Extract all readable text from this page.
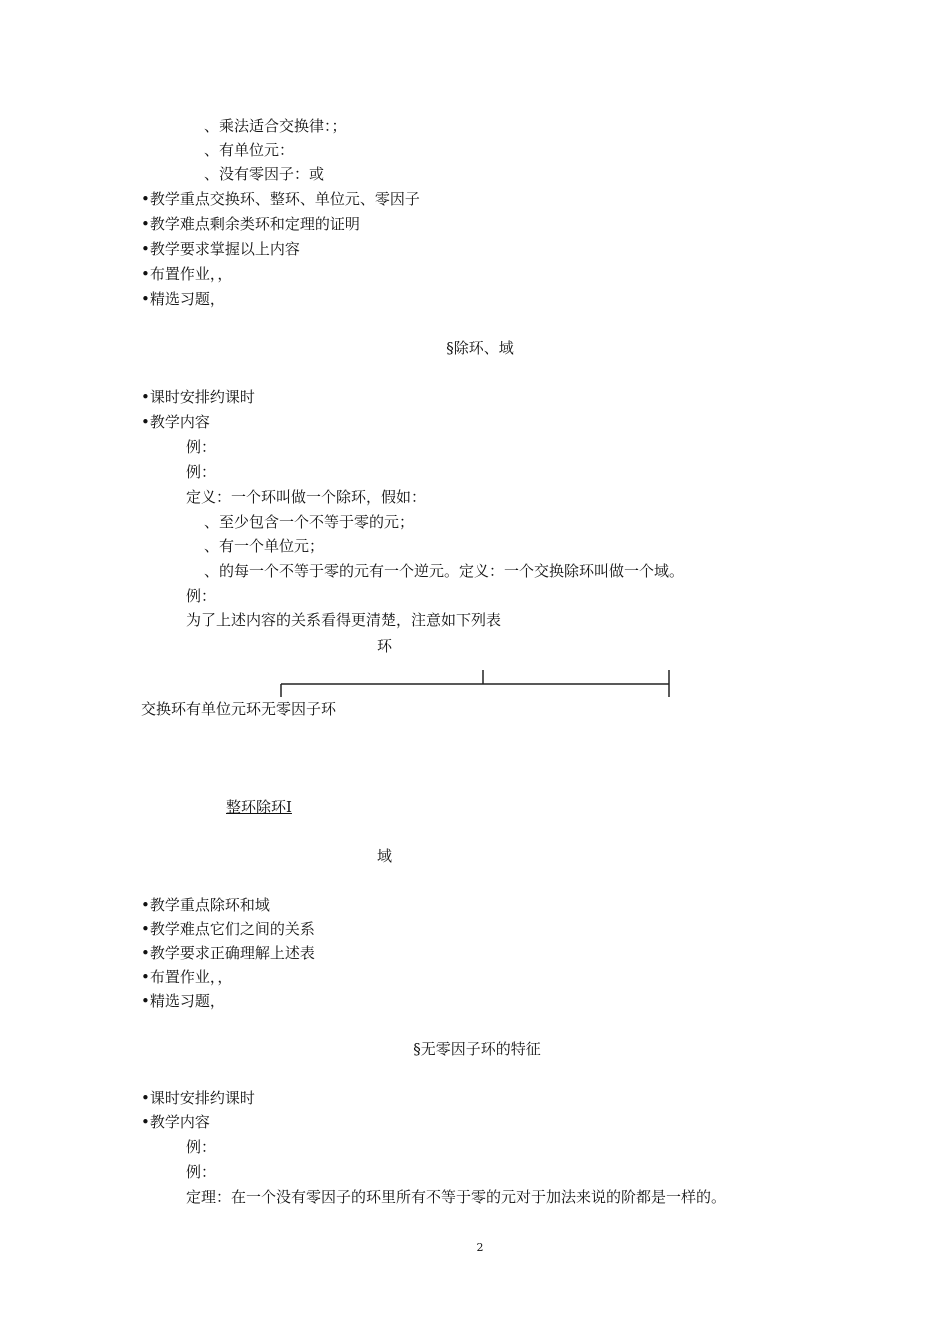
、乘法适合交换律：；
、有单位元：
、没有零因子：或
•教学重点交换环、整环、单位元、零因子
•教学难点剩余类环和定理的证明
•教学要求掌握以上内容
•布置作业，，
•精选习题，
§除环、域
•课时安排约课时
•教学内容
例：
例：
定义：一个环叫做一个除环，假如：
、至少包含一个不等于零的元；
、有一个单位元；
、的每一个不等于零的元有一个逆元。定义：一个交换除环叫做一个域。
例：
为了上述内容的关系看得更清楚，注意如下列表
环
交换环有单位元环无零因子环
整环除环Ⅰ
域
•教学重点除环和域
•教学难点它们之间的关系
•教学要求正确理解上述表
•布置作业，，
•精选习题，
§无零因子环的特征
•课时安排约课时
•教学内容
例：
例：
定理：在一个没有零因子的环里所有不等于零的元对于加法来说的阶都是一样的。
2
